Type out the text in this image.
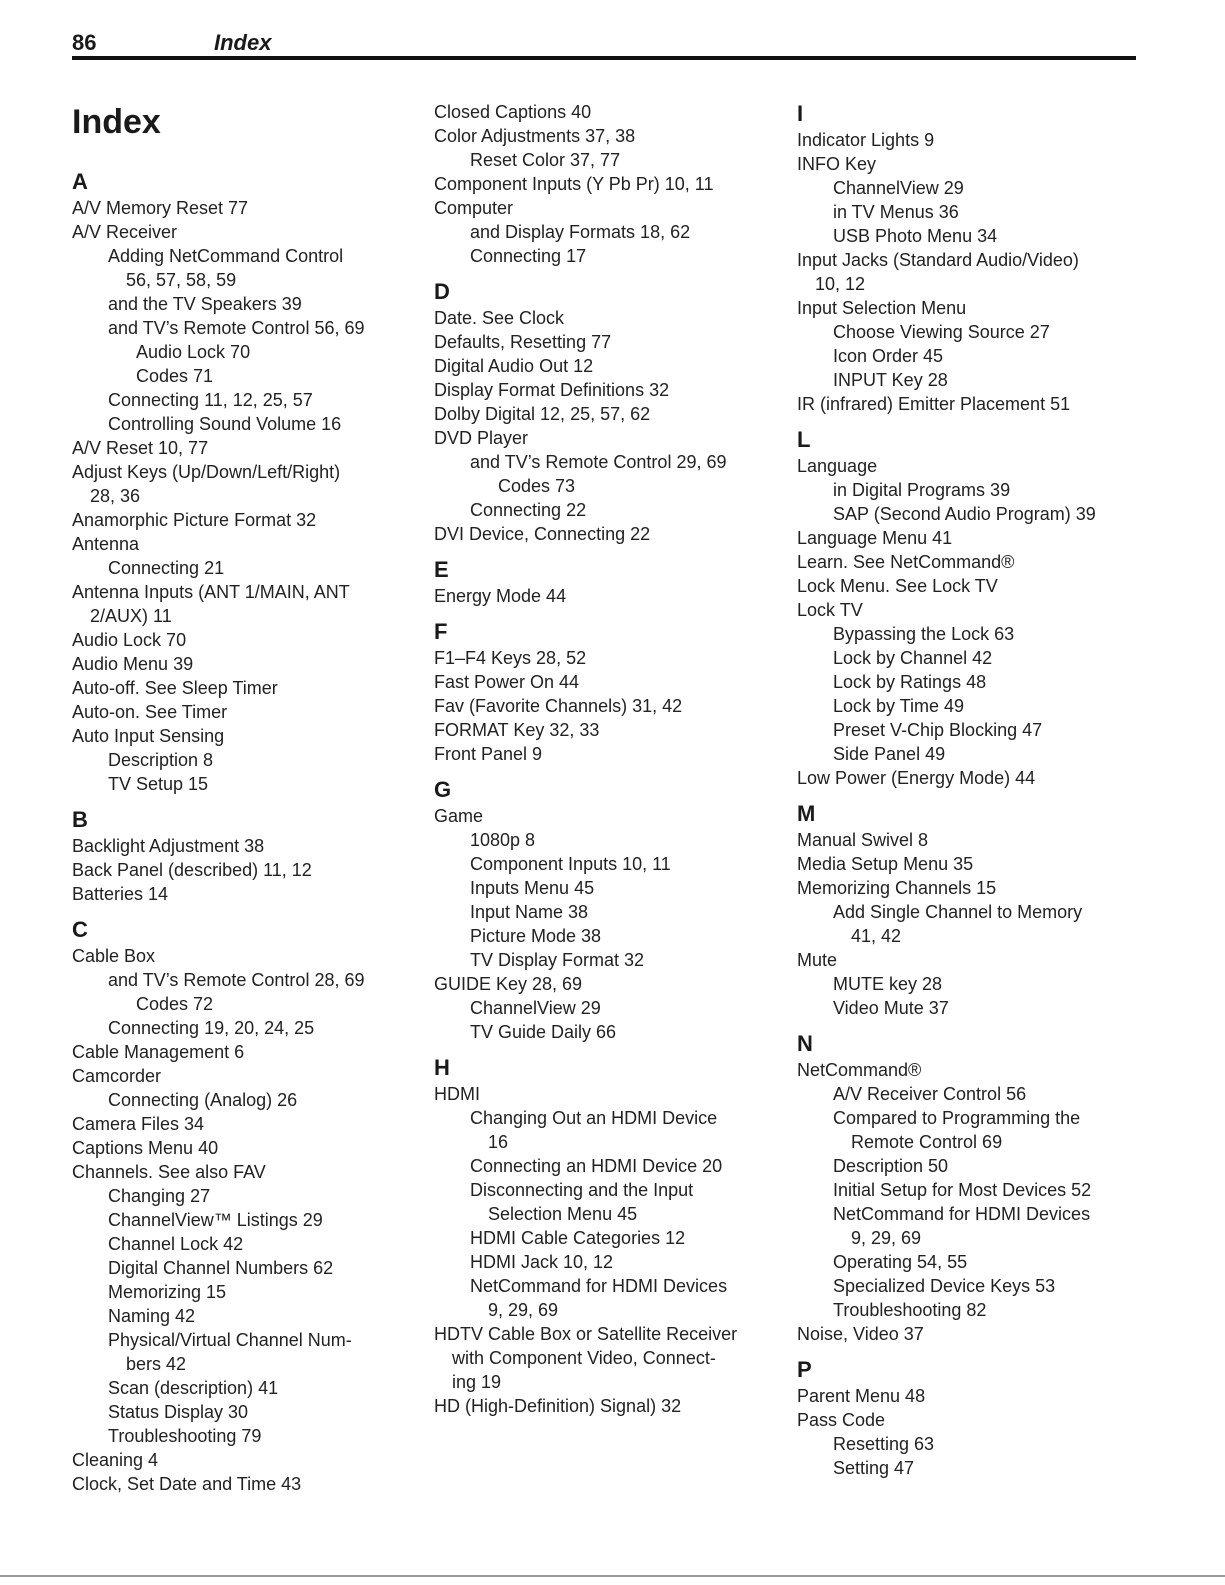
86	Index
Index
A
A/V Memory Reset 77
A/V Receiver
Adding NetCommand Control
56, 57, 58, 59
and the TV Speakers 39
and TV’s Remote Control 56, 69
Audio Lock 70
Codes 71
Connecting 11, 12, 25, 57
Controlling Sound Volume 16
A/V Reset 10, 77
Adjust Keys (Up/Down/Left/Right)
28, 36
Anamorphic Picture Format 32
Antenna
Connecting 21
Antenna Inputs (ANT 1/MAIN, ANT
2/AUX) 11
Audio Lock 70
Audio Menu 39
Auto-off. See Sleep Timer
Auto-on. See Timer
Auto Input Sensing
Description 8
TV Setup 15
B
Backlight Adjustment 38
Back Panel (described) 11, 12
Batteries 14
C
Cable Box
and TV’s Remote Control 28, 69
Codes 72
Connecting 19, 20, 24, 25
Cable Management 6
Camcorder
Connecting (Analog) 26
Camera Files 34
Captions Menu 40
Channels. See also FAV
Changing 27
ChannelView™ Listings 29
Channel Lock 42
Digital Channel Numbers 62
Memorizing 15
Naming 42
Physical/Virtual Channel Num-
bers 42
Scan (description) 41
Status Display 30
Troubleshooting 79
Cleaning 4
Clock, Set Date and Time 43
Closed Captions 40
Color Adjustments 37, 38
Reset Color 37, 77
Component Inputs (Y Pb Pr) 10, 11
Computer
and Display Formats 18, 62
Connecting 17
D
Date. See Clock
Defaults, Resetting 77
Digital Audio Out 12
Display Format Definitions 32
Dolby Digital 12, 25, 57, 62
DVD Player
and TV’s Remote Control 29, 69
Codes 73
Connecting 22
DVI Device, Connecting 22
E
Energy Mode 44
F
F1–F4 Keys 28, 52
Fast Power On 44
Fav (Favorite Channels) 31, 42
FORMAT Key 32, 33
Front Panel 9
G
Game
1080p 8
Component Inputs 10, 11
Inputs Menu 45
Input Name 38
Picture Mode 38
TV Display Format 32
GUIDE Key 28, 69
ChannelView 29
TV Guide Daily 66
H
HDMI
Changing Out an HDMI Device
16
Connecting an HDMI Device 20
Disconnecting and the Input
Selection Menu 45
HDMI Cable Categories 12
HDMI Jack 10, 12
NetCommand for HDMI Devices
9, 29, 69
HDTV Cable Box or Satellite Receiver
with Component Video, Connect-
ing 19
HD (High-Definition) Signal) 32
I
Indicator Lights 9
INFO Key
ChannelView 29
in TV Menus 36
USB Photo Menu 34
Input Jacks (Standard Audio/Video)
10, 12
Input Selection Menu
Choose Viewing Source 27
Icon Order 45
INPUT Key 28
IR (infrared) Emitter Placement 51
L
Language
in Digital Programs 39
SAP (Second Audio Program) 39
Language Menu 41
Learn. See NetCommand®
Lock Menu. See Lock TV
Lock TV
Bypassing the Lock 63
Lock by Channel 42
Lock by Ratings 48
Lock by Time 49
Preset V-Chip Blocking 47
Side Panel 49
Low Power (Energy Mode) 44
M
Manual Swivel 8
Media Setup Menu 35
Memorizing Channels 15
Add Single Channel to Memory
41, 42
Mute
MUTE key 28
Video Mute 37
N
NetCommand®
A/V Receiver Control 56
Compared to Programming the
Remote Control 69
Description 50
Initial Setup for Most Devices 52
NetCommand for HDMI Devices
9, 29, 69
Operating 54, 55
Specialized Device Keys 53
Troubleshooting 82
Noise, Video 37
P
Parent Menu 48
Pass Code
Resetting 63
Setting 47
